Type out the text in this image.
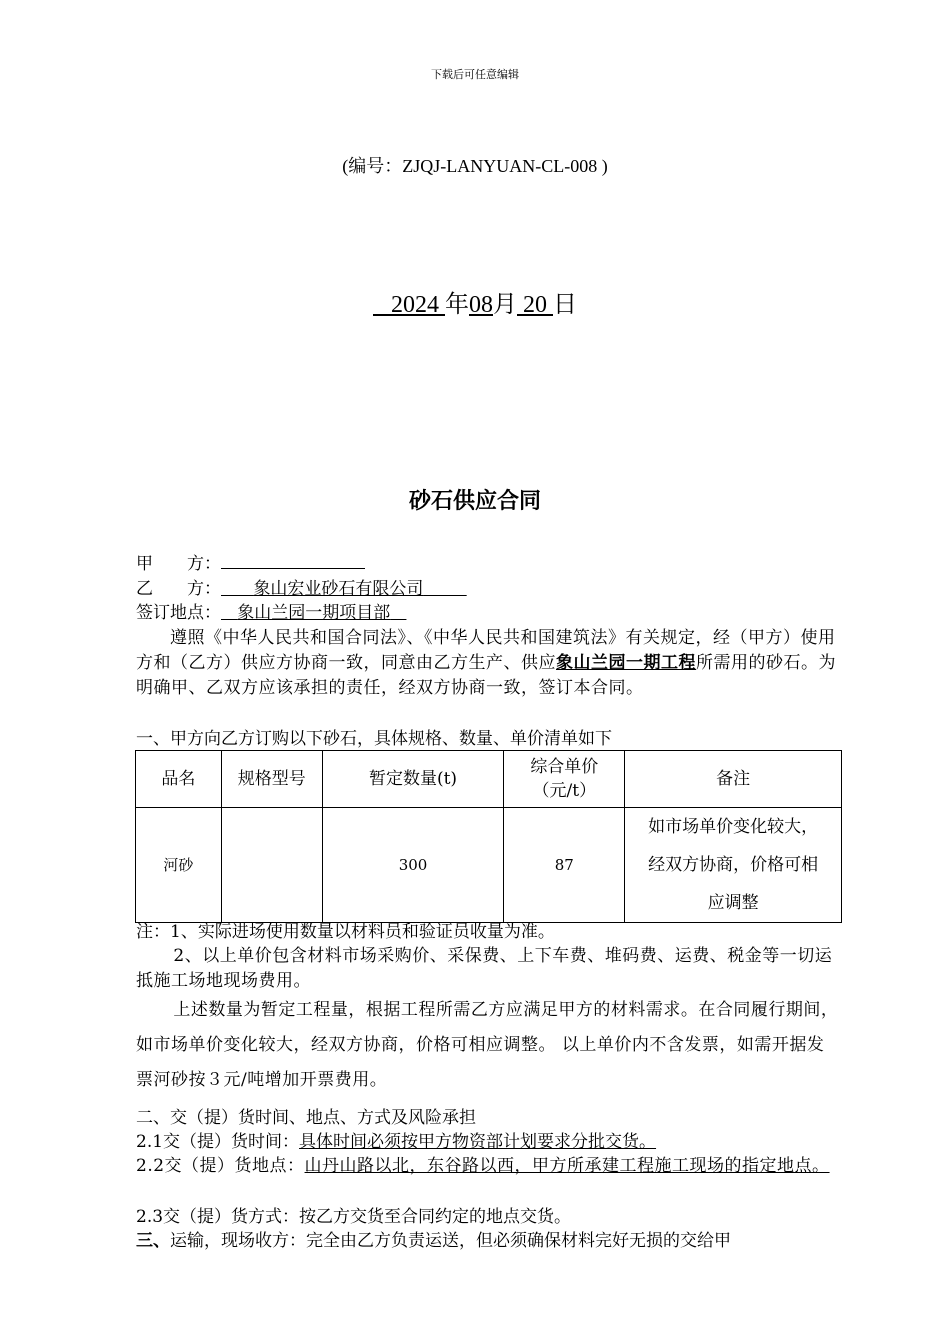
下载后可任意编辑
(编号：ZJQJ-LANYUAN-CL-008 )
2024 年08月 20 日
砂石供应合同
甲　　方：
乙　　方： 象山宏业砂石有限公司
签订地点： 象山兰园一期项目部
遵照《中华人民共和国合同法》、《中华人民共和国建筑法》有关规定，经（甲方）使用方和（乙方）供应方协商一致，同意由乙方生产、供应象山兰园一期工程所需用的砂石。为明确甲、乙双方应该承担的责任，经双方协商一致，签订本合同。
一、甲方向乙方订购以下砂石，具体规格、数量、单价清单如下
品名	规格型号	暂定数量(t)	综合单价（元/t）	备注
河砂		300	87	如市场单价变化较大，经双方协商，价格可相应调整
注：1、实际进场使用数量以材料员和验证员收量为准。
2、以上单价包含材料市场采购价、采保费、上下车费、堆码费、运费、税金等一切运抵施工场地现场费用。
上述数量为暂定工程量，根据工程所需乙方应满足甲方的材料需求。在合同履行期间，如市场单价变化较大，经双方协商，价格可相应调整。 以上单价内不含发票，如需开据发票河砂按３元/吨增加开票费用。
二、交（提）货时间、地点、方式及风险承担
2.1交（提）货时间：具体时间必须按甲方物资部计划要求分批交货。
2.2交（提）货地点：山丹山路以北，东谷路以西，甲方所承建工程施工现场的指定地点。
2.3交（提）货方式：按乙方交货至合同约定的地点交货。
三、运输，现场收方：完全由乙方负责运送，但必须确保材料完好无损的交给甲
